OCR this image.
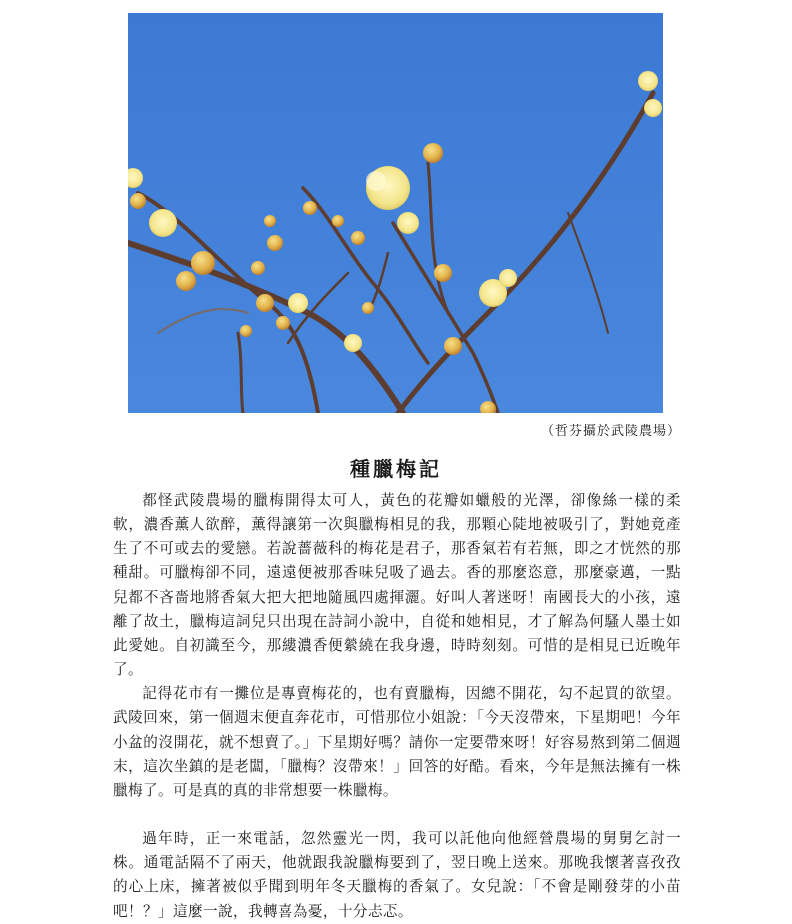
（哲芬攝於武陵農場）
種臘梅記

都怪武陵農場的臘梅開得太可人，黃色的花瓣如蠟般的光澤，卻像絲一樣的柔軟，濃香薰人欲醉，薰得讓第一次與臘梅相見的我，那顆心陡地被吸引了，對她竟產生了不可或去的愛戀。若說薔薇科的梅花是君子，那香氣若有若無，即之才恍然的那種甜。可臘梅卻不同，遠遠便被那香味兒吸了過去。香的那麼恣意，那麼豪邁，一點兒都不吝嗇地將香氣大把大把地隨風四處揮灑。好叫人著迷呀！南國長大的小孩，遠離了故土，臘梅這詞兒只出現在詩詞小說中，自從和她相見，才了解為何騷人墨士如此愛她。自初識至今，那縷濃香便縈繞在我身邊，時時刻刻。可惜的是相見已近晚年了。

記得花市有一攤位是專賣梅花的，也有賣臘梅，因總不開花，勾不起買的欲望。武陵回來，第一個週末便直奔花市，可惜那位小姐說：「今天沒帶來，下星期吧！今年小盆的沒開花，就不想賣了。」下星期好嗎？請你一定要帶來呀！好容易熬到第二個週末，這次坐鎮的是老闆，「臘梅？沒帶來！」回答的好酷。看來，今年是無法擁有一株臘梅了。可是真的真的非常想要一株臘梅。

過年時，正一來電話，忽然靈光一閃，我可以託他向他經營農場的舅舅乞討一株。通電話隔不了兩天，他就跟我說臘梅要到了，翌日晚上送來。那晚我懷著喜孜孜的心上床，擁著被似乎聞到明年冬天臘梅的香氣了。女兒說：「不會是剛發芽的小苗吧！？」這麼一說，我轉喜為憂，十分忐忑。
